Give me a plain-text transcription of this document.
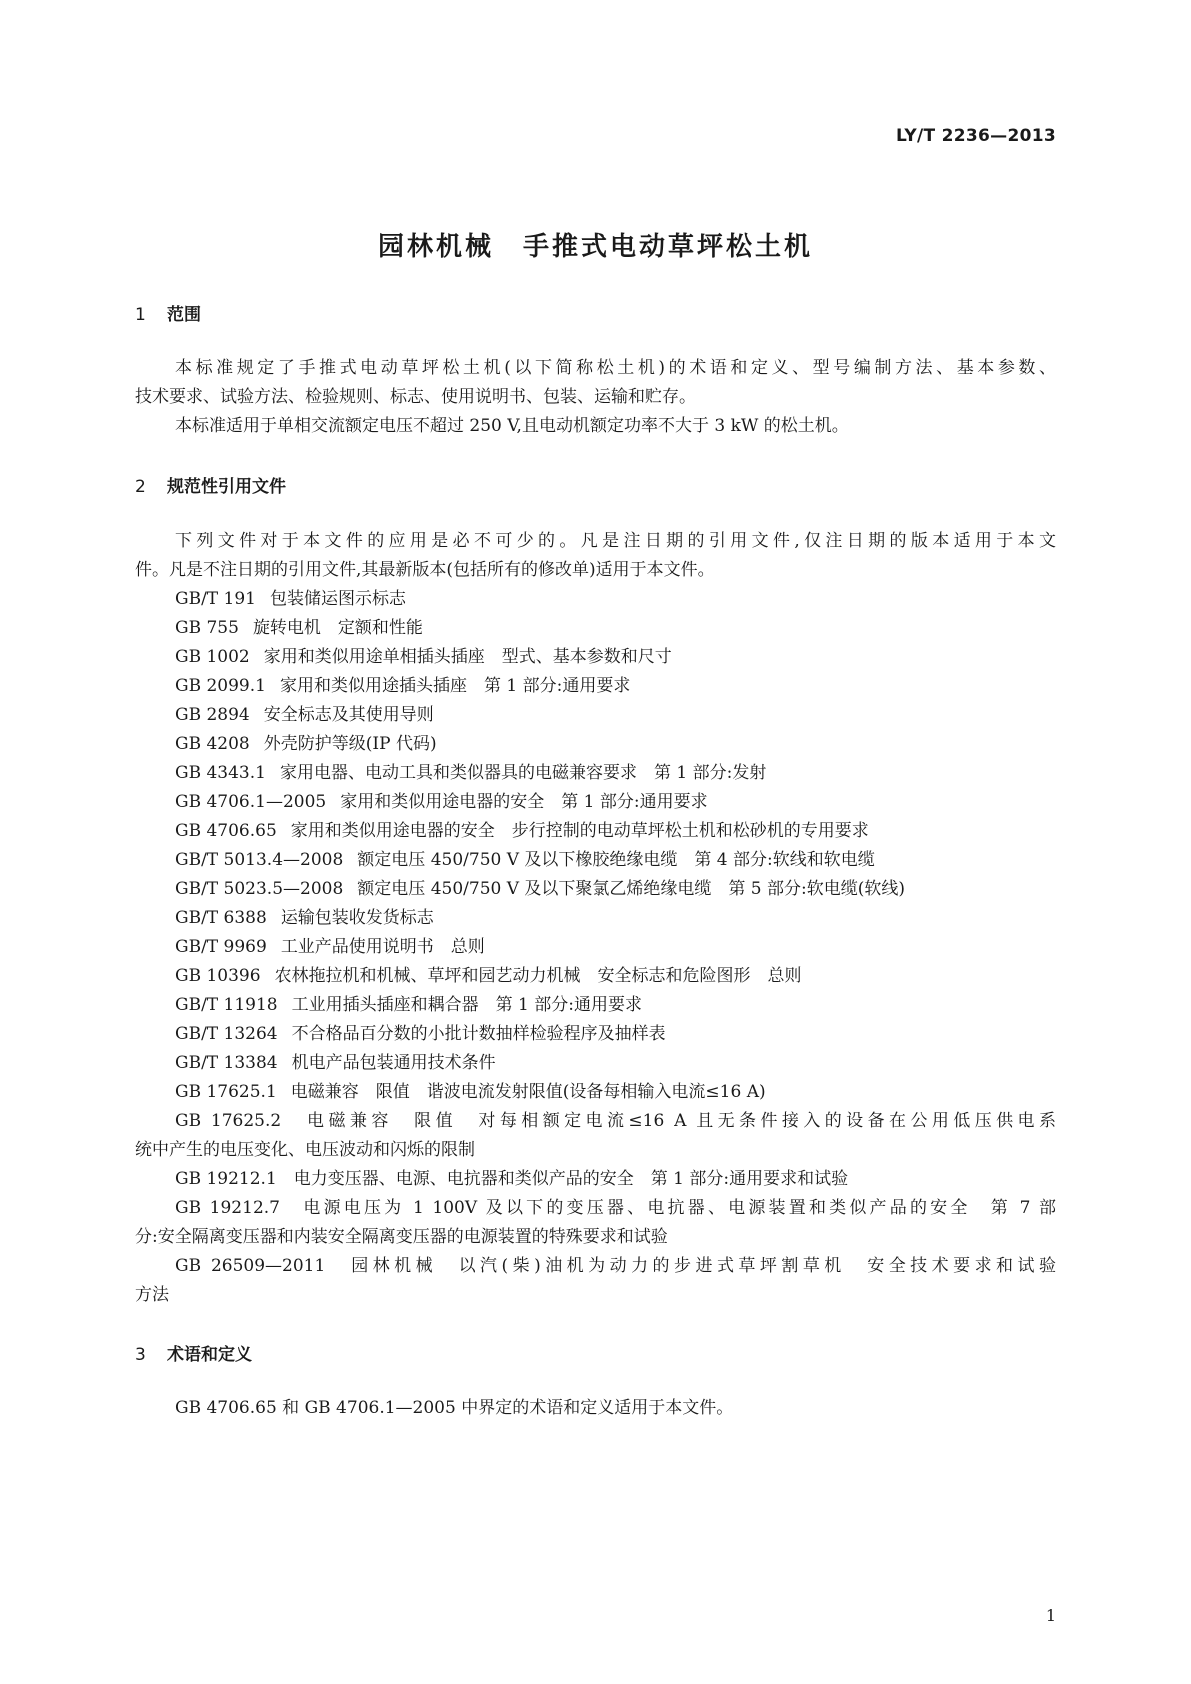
LY/T 2236—2013
园林机械　手推式电动草坪松土机
1 范围
本标准规定了手推式电动草坪松土机(以下简称松土机)的术语和定义、型号编制方法、基本参数、
技术要求、试验方法、检验规则、标志、使用说明书、包装、运输和贮存。
本标准适用于单相交流额定电压不超过 250 V,且电动机额定功率不大于 3 kW 的松土机。
2 规范性引用文件
下列文件对于本文件的应用是必不可少的。凡是注日期的引用文件,仅注日期的版本适用于本文
件。凡是不注日期的引用文件,其最新版本(包括所有的修改单)适用于本文件。
GB/T 191 包装储运图示标志
GB 755 旋转电机　定额和性能
GB 1002 家用和类似用途单相插头插座　型式、基本参数和尺寸
GB 2099.1 家用和类似用途插头插座　第 1 部分:通用要求
GB 2894 安全标志及其使用导则
GB 4208 外壳防护等级(IP 代码)
GB 4343.1 家用电器、电动工具和类似器具的电磁兼容要求　第 1 部分:发射
GB 4706.1—2005 家用和类似用途电器的安全　第 1 部分:通用要求
GB 4706.65 家用和类似用途电器的安全　步行控制的电动草坪松土机和松砂机的专用要求
GB/T 5013.4—2008 额定电压 450/750 V 及以下橡胶绝缘电缆　第 4 部分:软线和软电缆
GB/T 5023.5—2008 额定电压 450/750 V 及以下聚氯乙烯绝缘电缆　第 5 部分:软电缆(软线)
GB/T 6388 运输包装收发货标志
GB/T 9969 工业产品使用说明书　总则
GB 10396 农林拖拉机和机械、草坪和园艺动力机械　安全标志和危险图形　总则
GB/T 11918 工业用插头插座和耦合器　第 1 部分:通用要求
GB/T 13264 不合格品百分数的小批计数抽样检验程序及抽样表
GB/T 13384 机电产品包装通用技术条件
GB 17625.1 电磁兼容　限值　谐波电流发射限值(设备每相输入电流≤16 A)
GB 17625.2　电磁兼容　限值　对每相额定电流≤16 A 且无条件接入的设备在公用低压供电系
统中产生的电压变化、电压波动和闪烁的限制
GB 19212.1　电力变压器、电源、电抗器和类似产品的安全　第 1 部分:通用要求和试验
GB 19212.7　电源电压为 1 100V 及以下的变压器、电抗器、电源装置和类似产品的安全　第 7 部
分:安全隔离变压器和内装安全隔离变压器的电源装置的特殊要求和试验
GB 26509—2011　园林机械　以汽(柴)油机为动力的步进式草坪割草机　安全技术要求和试验
方法
3 术语和定义
GB 4706.65 和 GB 4706.1—2005 中界定的术语和定义适用于本文件。
1
